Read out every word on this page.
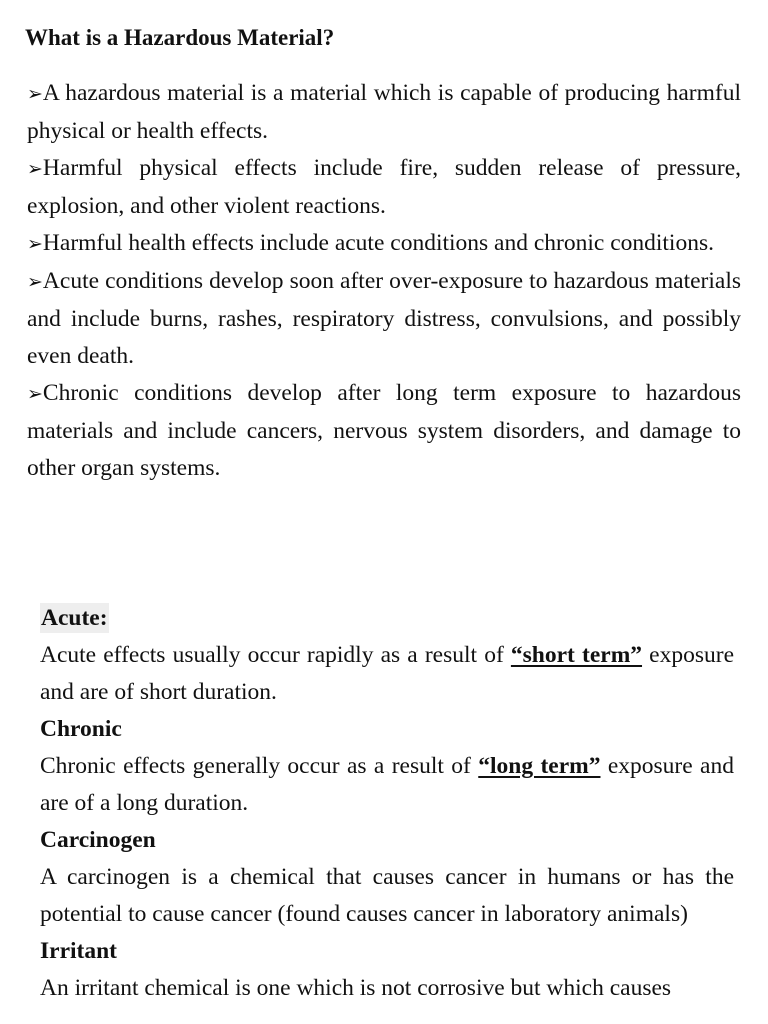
What is a Hazardous Material?

➢A hazardous material is a material which is capable of producing harmful physical or health effects.

➢Harmful physical effects include fire, sudden release of pressure, explosion, and other violent reactions.

➢Harmful health effects include acute conditions and chronic conditions.

➢Acute conditions develop soon after over-exposure to hazardous materials and include burns, rashes, respiratory distress, convulsions, and possibly even death.

➢Chronic conditions develop after long term exposure to hazardous materials and include cancers, nervous system disorders, and damage to other organ systems.

Acute:

Acute effects usually occur rapidly as a result of “short term” exposure and are of short duration.

Chronic

Chronic effects generally occur as a result of “long term” exposure and are of a long duration.

Carcinogen

A carcinogen is a chemical that causes cancer in humans or has the potential to cause cancer (found causes cancer in laboratory animals)

Irritant

An irritant chemical is one which is not corrosive but which causes
